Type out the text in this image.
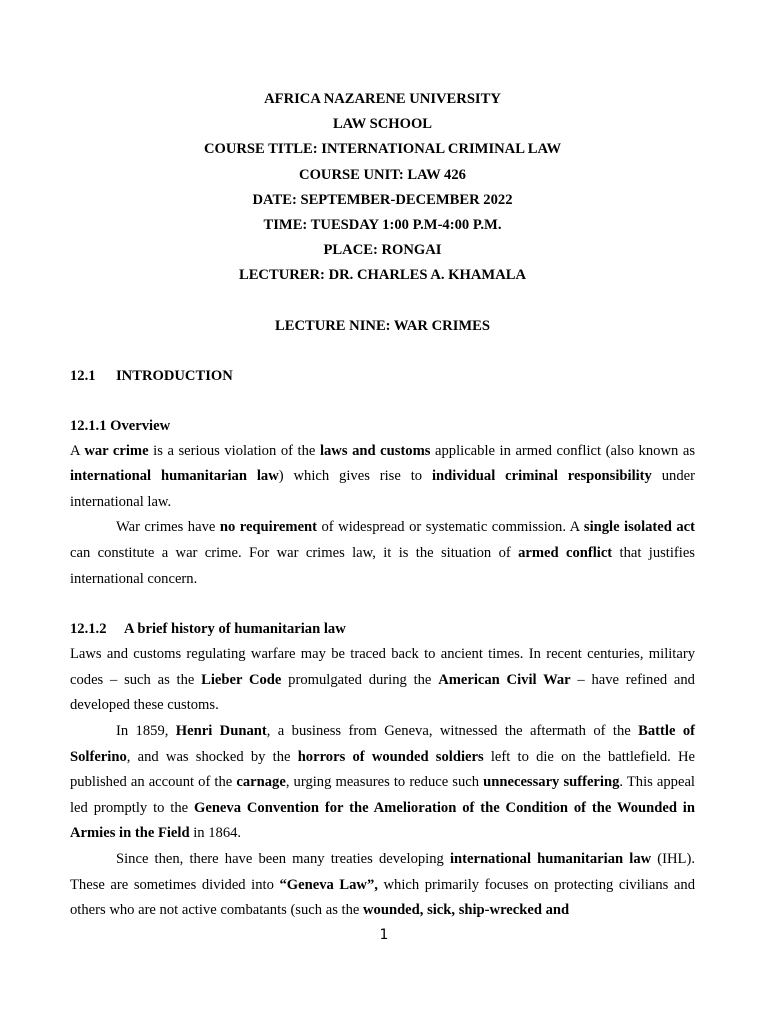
AFRICA NAZARENE UNIVERSITY

LAW SCHOOL

COURSE TITLE: INTERNATIONAL CRIMINAL LAW

COURSE UNIT: LAW 426

DATE: SEPTEMBER-DECEMBER 2022

TIME: TUESDAY 1:00 P.M-4:00 P.M.

PLACE: RONGAI

LECTURER: DR. CHARLES A. KHAMALA

LECTURE NINE: WAR CRIMES

12.1 INTRODUCTION

12.1.1 Overview

A war crime is a serious violation of the laws and customs applicable in armed conflict (also known as international humanitarian law) which gives rise to individual criminal responsibility under international law.

War crimes have no requirement of widespread or systematic commission. A single isolated act can constitute a war crime. For war crimes law, it is the situation of armed conflict that justifies international concern.

12.1.2 A brief history of humanitarian law

Laws and customs regulating warfare may be traced back to ancient times. In recent centuries, military codes – such as the Lieber Code promulgated during the American Civil War – have refined and developed these customs.

In 1859, Henri Dunant, a business from Geneva, witnessed the aftermath of the Battle of Solferino, and was shocked by the horrors of wounded soldiers left to die on the battlefield. He published an account of the carnage, urging measures to reduce such unnecessary suffering. This appeal led promptly to the Geneva Convention for the Amelioration of the Condition of the Wounded in Armies in the Field in 1864.

Since then, there have been many treaties developing international humanitarian law (IHL). These are sometimes divided into “Geneva Law”, which primarily focuses on protecting civilians and others who are not active combatants (such as the wounded, sick, ship-wrecked and

1
